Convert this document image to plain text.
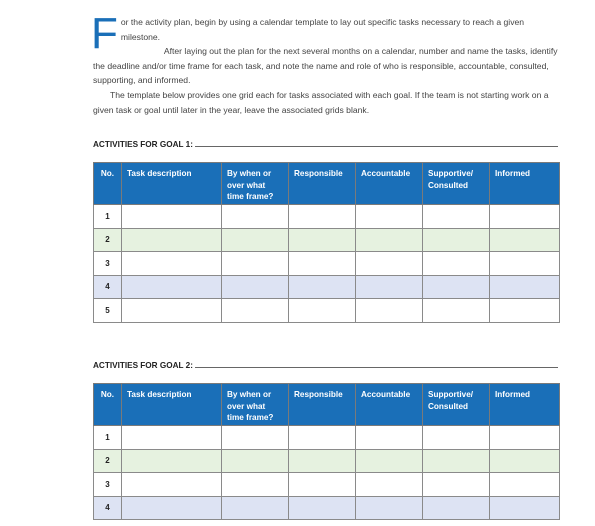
For the activity plan, begin by using a calendar template to lay out specific tasks necessary to reach a given milestone.

After laying out the plan for the next several months on a calendar, number and name the tasks, identify the deadline and/or time frame for each task, and note the name and role of who is responsible, accountable, consulted, supporting, and informed.

The template below provides one grid each for tasks associated with each goal. If the team is not starting work on a given task or goal until later in the year, leave the associated grids blank.

ACTIVITIES FOR GOAL 1:
No.	Task description	By when or over what time frame?	Responsible	Accountable	Supportive/ Consulted	Informed
1						
2						
3						
4						
5						
ACTIVITIES FOR GOAL 2:
No.	Task description	By when or over what time frame?	Responsible	Accountable	Supportive/ Consulted	Informed
1						
2						
3						
4						
